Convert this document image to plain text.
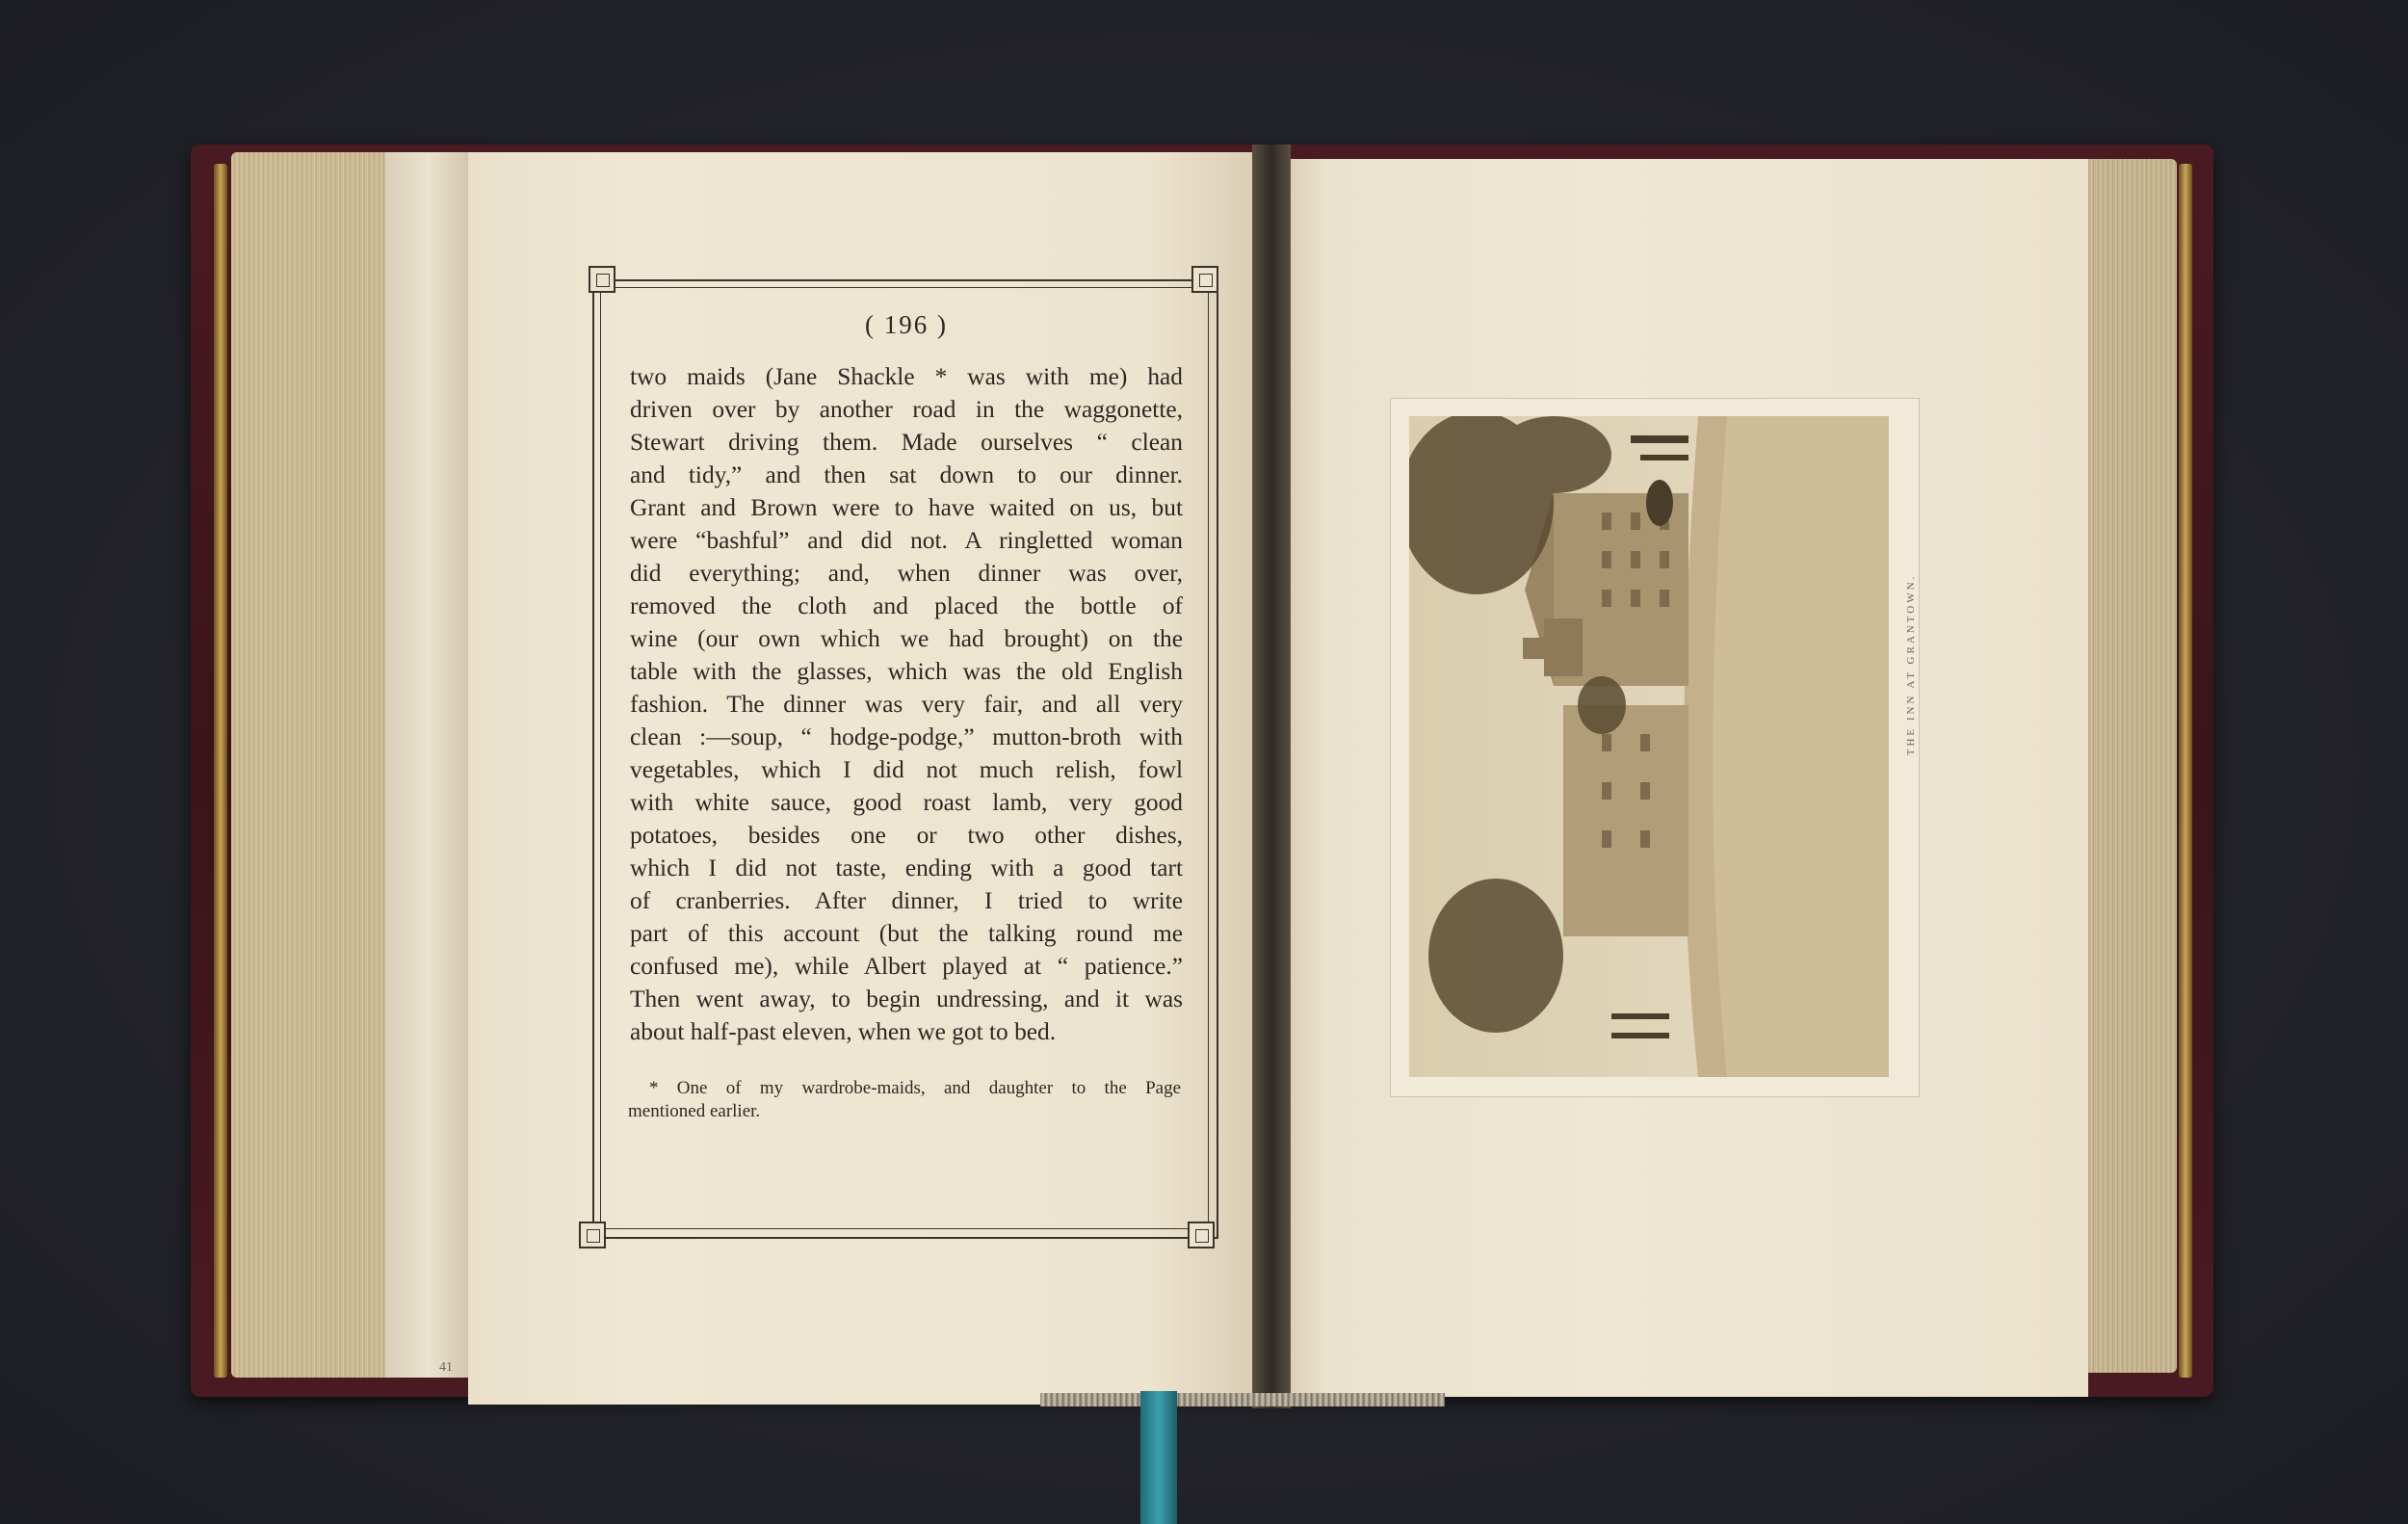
( 196 )
two maids (Jane Shackle * was with me) had
driven over by another road in the waggonette,
Stewart driving them. Made ourselves “ clean
and tidy,” and then sat down to our dinner.
Grant and Brown were to have waited on us, but
were “bashful” and did not. A ringletted woman
did everything; and, when dinner was over,
removed the cloth and placed the bottle of
wine (our own which we had brought) on the
table with the glasses, which was the old English
fashion. The dinner was very fair, and all very
clean :—soup, “ hodge-podge,” mutton-broth with
vegetables, which I did not much relish, fowl
with white sauce, good roast lamb, very good
potatoes, besides one or two other dishes,
which I did not taste, ending with a good tart
of cranberries. After dinner, I tried to write
part of this account (but the talking round me
confused me), while Albert played at “ patience.”
Then went away, to begin undressing, and it was
about half-past eleven, when we got to bed.
* One of my wardrobe-maids, and daughter to the Page
mentioned earlier.
41
THE INN AT GRANTOWN.
